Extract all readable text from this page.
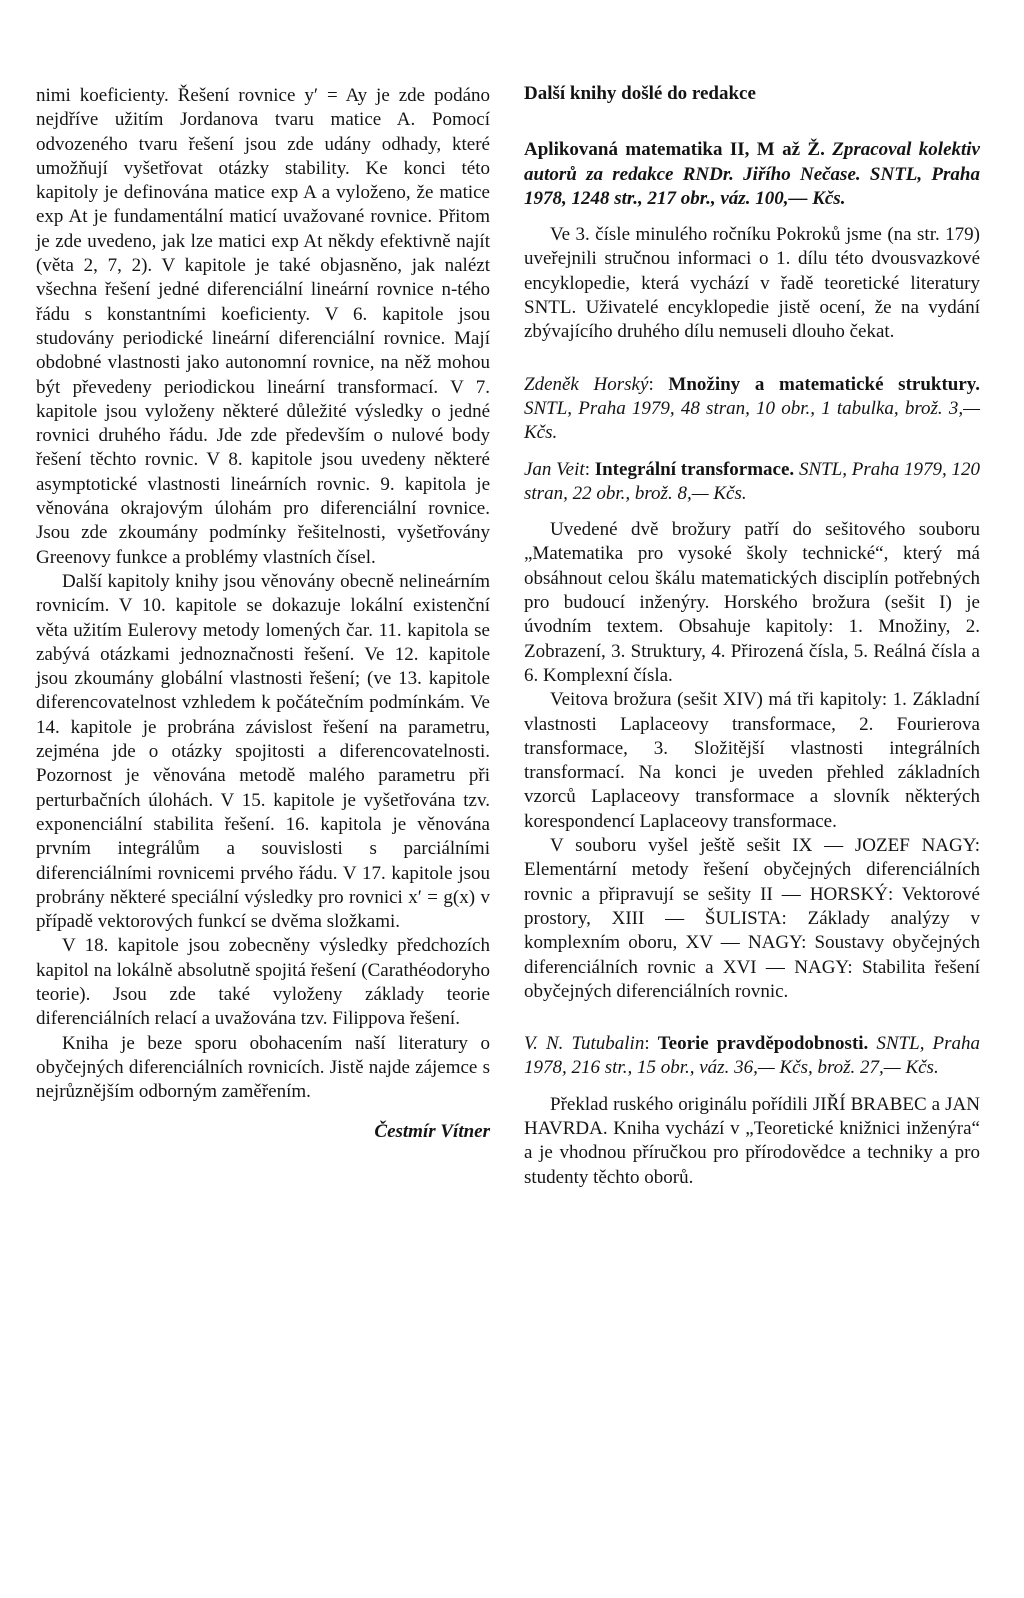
nimi koeficienty. Řešení rovnice y′ = Ay je zde podáno nejdříve užitím Jordanova tvaru matice A. Pomocí odvozeného tvaru řešení jsou zde udány odhady, které umožňují vyšetřovat otázky stability. Ke konci této kapitoly je definována matice exp A a vyloženo, že matice exp At je fundamentální maticí uvažované rovnice. Přitom je zde uvedeno, jak lze matici exp At někdy efektivně najít (věta 2, 7, 2). V kapitole je také objasněno, jak nalézt všechna řešení jedné diferenciální lineární rovnice n-tého řádu s konstantními koeficienty. V 6. kapitole jsou studovány periodické lineární diferenciální rovnice. Mají obdobné vlastnosti jako autonomní rovnice, na něž mohou být převedeny periodickou lineární transformací. V 7. kapitole jsou vyloženy některé důležité výsledky o jedné rovnici druhého řádu. Jde zde především o nulové body řešení těchto rovnic. V 8. kapitole jsou uvedeny některé asymptotické vlastnosti lineárních rovnic. 9. kapitola je věnována okrajovým úlohám pro diferenciální rovnice. Jsou zde zkoumány podmínky řešitelnosti, vyšetřovány Greenovy funkce a problémy vlastních čísel.

Další kapitoly knihy jsou věnovány obecně nelineárním rovnicím. V 10. kapitole se dokazuje lokální existenční věta užitím Eulerovy metody lomených čar. 11. kapitola se zabývá otázkami jednoznačnosti řešení. Ve 12. kapitole jsou zkoumány globální vlastnosti řešení; (ve 13. kapitole diferencovatelnost vzhledem k počátečním podmínkám. Ve 14. kapitole je probrána závislost řešení na parametru, zejména jde o otázky spojitosti a diferencovatelnosti. Pozornost je věnována metodě malého parametru při perturbačních úlohách. V 15. kapitole je vyšetřována tzv. exponenciální stabilita řešení. 16. kapitola je věnována prvním integrálům a souvislosti s parciálními diferenciálními rovnicemi prvého řádu. V 17. kapitole jsou probrány některé speciální výsledky pro rovnici x′ = g(x) v případě vektorových funkcí se dvěma složkami.

V 18. kapitole jsou zobecněny výsledky předchozích kapitol na lokálně absolutně spojitá řešení (Carathéodoryho teorie). Jsou zde také vyloženy základy teorie diferenciálních relací a uvažována tzv. Filippova řešení.

Kniha je beze sporu obohacením naší literatury o obyčejných diferenciálních rovnicích. Jistě najde zájemce s nejrůznějším odborným zaměřením.

Čestmír Vítner

Další knihy došlé do redakce

Aplikovaná matematika II, M až Ž. Zpracoval kolektiv autorů za redakce RNDr. Jiřího Nečase. SNTL, Praha 1978, 1248 str., 217 obr., váz. 100,— Kčs.

Ve 3. čísle minulého ročníku Pokroků jsme (na str. 179) uveřejnili stručnou informaci o 1. dílu této dvousvazkové encyklopedie, která vychází v řadě teoretické literatury SNTL. Uživatelé encyklopedie jistě ocení, že na vydání zbývajícího druhého dílu nemuseli dlouho čekat.

Zdeněk Horský: Množiny a matematické struktury. SNTL, Praha 1979, 48 stran, 10 obr., 1 tabulka, brož. 3,— Kčs.

Jan Veit: Integrální transformace. SNTL, Praha 1979, 120 stran, 22 obr., brož. 8,— Kčs.

Uvedené dvě brožury patří do sešitového souboru „Matematika pro vysoké školy technické“, který má obsáhnout celou škálu matematických disciplín potřebných pro budoucí inženýry. Horského brožura (sešit I) je úvodním textem. Obsahuje kapitoly: 1. Množiny, 2. Zobrazení, 3. Struktury, 4. Přirozená čísla, 5. Reálná čísla a 6. Komplexní čísla.

Veitova brožura (sešit XIV) má tři kapitoly: 1. Základní vlastnosti Laplaceovy transformace, 2. Fourierova transformace, 3. Složitější vlastnosti integrálních transformací. Na konci je uveden přehled základních vzorců Laplaceovy transformace a slovník některých korespondencí Laplaceovy transformace.

V souboru vyšel ještě sešit IX — JOZEF NAGY: Elementární metody řešení obyčejných diferenciálních rovnic a připravují se sešity II — HORSKÝ: Vektorové prostory, XIII — ŠULISTA: Základy analýzy v komplexním oboru, XV — NAGY: Soustavy obyčejných diferenciálních rovnic a XVI — NAGY: Stabilita řešení obyčejných diferenciálních rovnic.

V. N. Tutubalin: Teorie pravděpodobnosti. SNTL, Praha 1978, 216 str., 15 obr., váz. 36,— Kčs, brož. 27,— Kčs.

Překlad ruského originálu pořídili JIŘÍ BRABEC a JAN HAVRDA. Kniha vychází v „Teoretické knižnici inženýra“ a je vhodnou příručkou pro přírodovědce a techniky a pro studenty těchto oborů.
